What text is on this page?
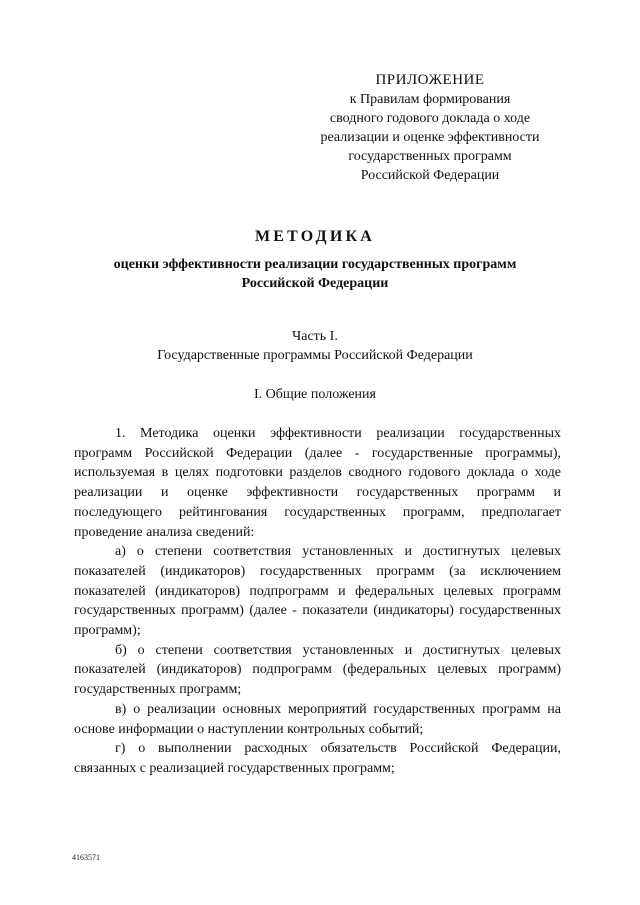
ПРИЛОЖЕНИЕ
к Правилам формирования
сводного годового доклада о ходе
реализации и оценке эффективности
государственных программ
Российской Федерации
МЕТОДИКА
оценки эффективности реализации государственных программ
Российской Федерации
Часть I.
Государственные программы Российской Федерации
I. Общие положения

1. Методика оценки эффективности реализации государственных программ Российской Федерации (далее - государственные программы), используемая в целях подготовки разделов сводного годового доклада о ходе реализации и оценке эффективности государственных программ и последующего рейтингования государственных программ, предполагает проведение анализа сведений:

а) о степени соответствия установленных и достигнутых целевых показателей (индикаторов) государственных программ (за исключением показателей (индикаторов) подпрограмм и федеральных целевых программ государственных программ) (далее - показатели (индикаторы) государственных программ);

б) о степени соответствия установленных и достигнутых целевых показателей (индикаторов) подпрограмм (федеральных целевых программ) государственных программ;

в) о реализации основных мероприятий государственных программ на основе информации о наступлении контрольных событий;

г) о выполнении расходных обязательств Российской Федерации, связанных с реализацией государственных программ;

4163571
